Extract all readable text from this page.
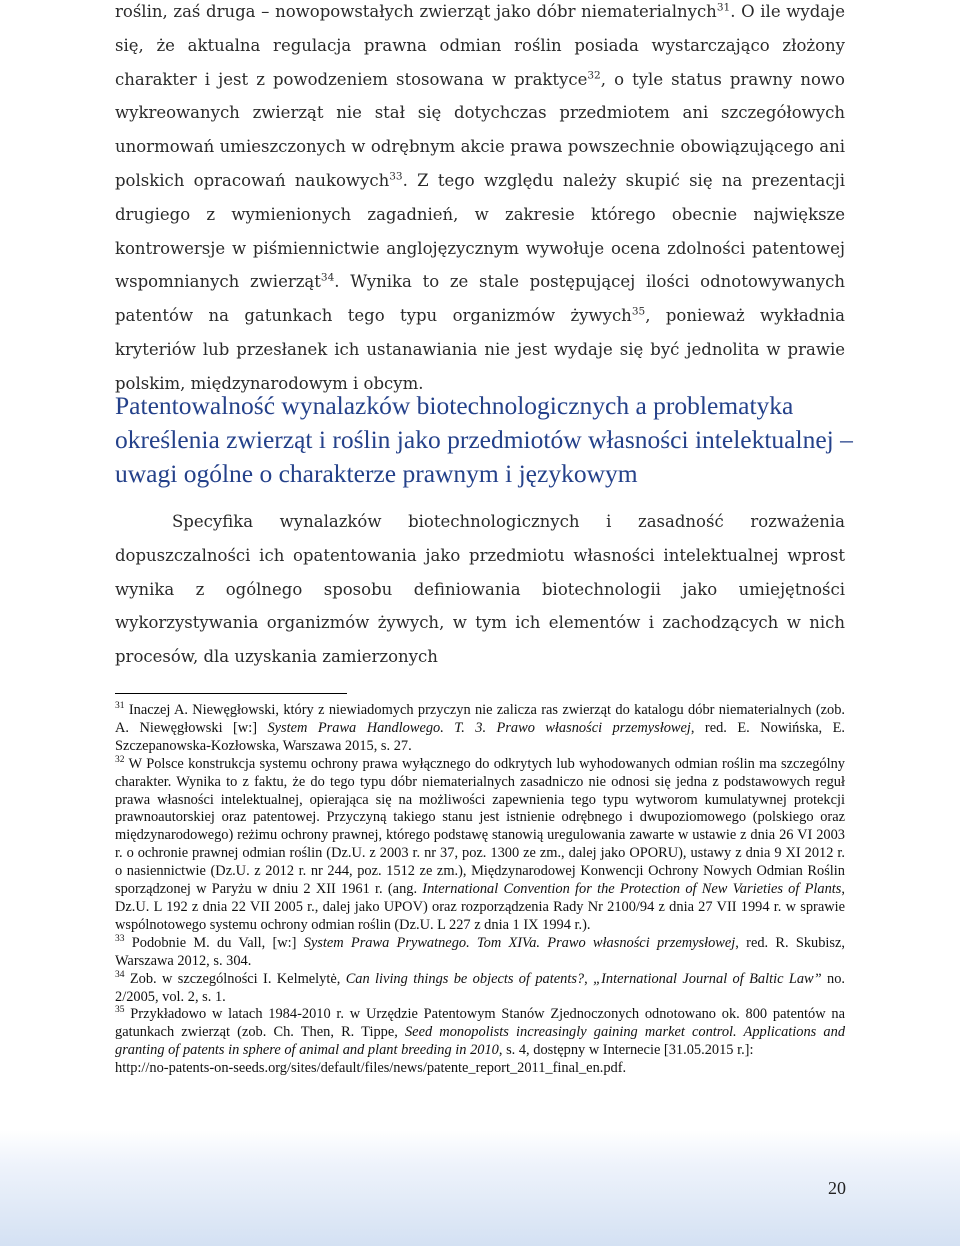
roślin, zaś druga – nowopowstałych zwierząt jako dóbr niematerialnych$^{31}$. O ile wydaje się, że aktualna regulacja prawna odmian roślin posiada wystarczająco złożony charakter i jest z powodzeniem stosowana w praktyce$^{32}$, o tyle status prawny nowo wykreowanych zwierząt nie stał się dotychczas przedmiotem ani szczegółowych unormowań umieszczonych w odrębnym akcie prawa powszechnie obowiązującego ani polskich opracowań naukowych$^{33}$. Z tego względu należy skupić się na prezentacji drugiego z wymienionych zagadnień, w zakresie którego obecnie największe kontrowersje w piśmiennictwie anglojęzycznym wywołuje ocena zdolności patentowej wspomnianych zwierząt$^{34}$. Wynika to ze stale postępującej ilości odnotowywanych patentów na gatunkach tego typu organizmów żywych$^{35}$, ponieważ wykładnia kryteriów lub przesłanek ich ustanawiania nie jest wydaje się być jednolita w prawie polskim, międzynarodowym i obcym.

Patentowalność wynalazków biotechnologicznych a problematyka określenia zwierząt i roślin jako przedmiotów własności intelektualnej – uwagi ogólne o charakterze prawnym i językowym

Specyfika wynalazków biotechnologicznych i zasadność rozważenia dopuszczalności ich opatentowania jako przedmiotu własności intelektualnej wprost wynika z ogólnego sposobu definiowania biotechnologii jako umiejętności wykorzystywania organizmów żywych, w tym ich elementów i zachodzących w nich procesów, dla uzyskania zamierzonych

$^{31}$ Inaczej A. Niewęgłowski, który z niewiadomych przyczyn nie zalicza ras zwierząt do katalogu dóbr niematerialnych (zob. A. Niewęgłowski [w:] System Prawa Handlowego. T. 3. Prawo własności przemysłowej, red. E. Nowińska, E. Szczepanowska-Kozłowska, Warszawa 2015, s. 27.

$^{32}$ W Polsce konstrukcja systemu ochrony prawa wyłącznego do odkrytych lub wyhodowanych odmian roślin ma szczególny charakter. Wynika to z faktu, że do tego typu dóbr niematerialnych zasadniczo nie odnosi się jedna z podstawowych reguł prawa własności intelektualnej, opierająca się na możliwości zapewnienia tego typu wytworom kumulatywnej protekcji prawnoautorskiej oraz patentowej. Przyczyną takiego stanu jest istnienie odrębnego i dwupoziomowego (polskiego oraz międzynarodowego) reżimu ochrony prawnej, którego podstawę stanowią uregulowania zawarte w ustawie z dnia 26 VI 2003 r. o ochronie prawnej odmian roślin (Dz.U. z 2003 r. nr 37, poz. 1300 ze zm., dalej jako OPORU), ustawy z dnia 9 XI 2012 r. o nasiennictwie (Dz.U. z 2012 r. nr 244, poz. 1512 ze zm.), Międzynarodowej Konwencji Ochrony Nowych Odmian Roślin sporządzonej w Paryżu w dniu 2 XII 1961 r. (ang. International Convention for the Protection of New Varieties of Plants, Dz.U. L 192 z dnia 22 VII 2005 r., dalej jako UPOV) oraz rozporządzenia Rady Nr 2100/94 z dnia 27 VII 1994 r. w sprawie wspólnotowego systemu ochrony odmian roślin (Dz.U. L 227 z dnia 1 IX 1994 r.).

$^{33}$ Podobnie M. du Vall, [w:] System Prawa Prywatnego. Tom XIVa. Prawo własności przemysłowej, red. R. Skubisz, Warszawa 2012, s. 304.

$^{34}$ Zob. w szczególności I. Kelmelytė, Can living things be objects of patents?, „International Journal of Baltic Law” no. 2/2005, vol. 2, s. 1.

$^{35}$ Przykładowo w latach 1984-2010 r. w Urzędzie Patentowym Stanów Zjednoczonych odnotowano ok. 800 patentów na gatunkach zwierząt (zob. Ch. Then, R. Tippe, Seed monopolists increasingly gaining market control. Applications and granting of patents in sphere of animal and plant breeding in 2010, s. 4, dostępny w Internecie [31.05.2015 r.]:
http://no-patents-on-seeds.org/sites/default/files/news/patente_report_2011_final_en.pdf.

20
